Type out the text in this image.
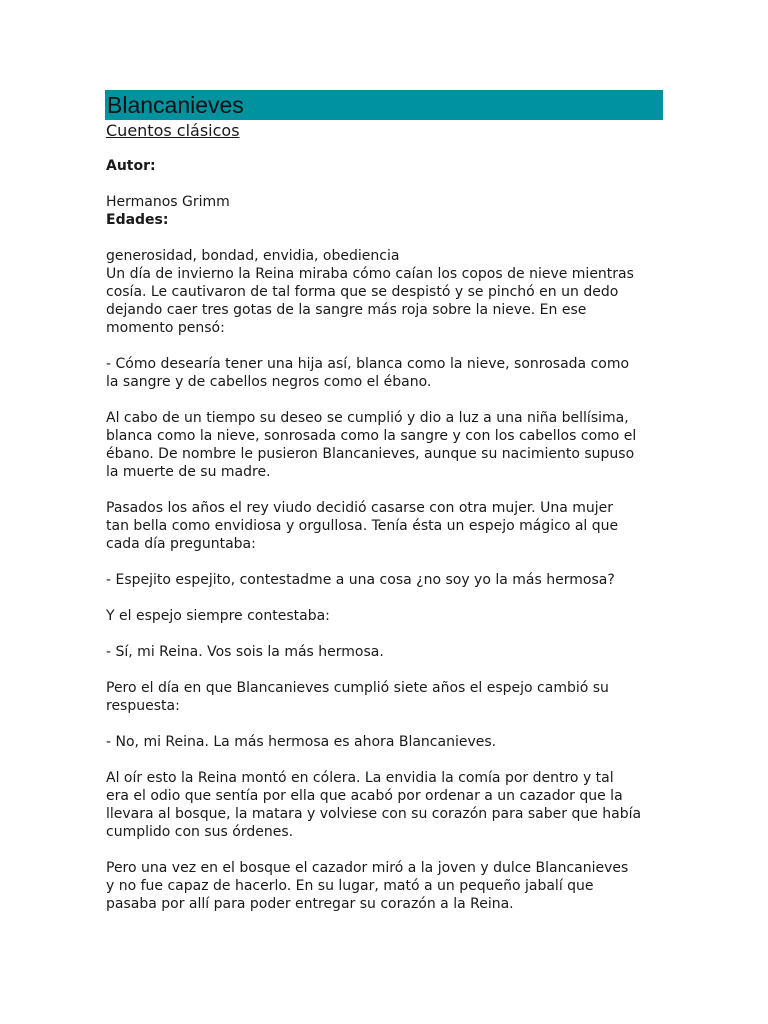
Blancanieves
Cuentos clásicos
Autor:
Hermanos Grimm
Edades:
generosidad, bondad, envidia, obediencia
Un día de invierno la Reina miraba cómo caían los copos de nieve mientras
cosía. Le cautivaron de tal forma que se despistó y se pinchó en un dedo
dejando caer tres gotas de la sangre más roja sobre la nieve. En ese
momento pensó:
- Cómo desearía tener una hija así, blanca como la nieve, sonrosada como
la sangre y de cabellos negros como el ébano.
Al cabo de un tiempo su deseo se cumplió y dio a luz a una niña bellísima,
blanca como la nieve, sonrosada como la sangre y con los cabellos como el
ébano. De nombre le pusieron Blancanieves, aunque su nacimiento supuso
la muerte de su madre.
Pasados los años el rey viudo decidió casarse con otra mujer. Una mujer
tan bella como envidiosa y orgullosa. Tenía ésta un espejo mágico al que
cada día preguntaba:
- Espejito espejito, contestadme a una cosa ¿no soy yo la más hermosa?
Y el espejo siempre contestaba:
- Sí, mi Reina. Vos sois la más hermosa.
Pero el día en que Blancanieves cumplió siete años el espejo cambió su
respuesta:
- No, mi Reina. La más hermosa es ahora Blancanieves.
Al oír esto la Reina montó en cólera. La envidia la comía por dentro y tal
era el odio que sentía por ella que acabó por ordenar a un cazador que la
llevara al bosque, la matara y volviese con su corazón para saber que había
cumplido con sus órdenes.
Pero una vez en el bosque el cazador miró a la joven y dulce Blancanieves
y no fue capaz de hacerlo. En su lugar, mató a un pequeño jabalí que
pasaba por allí para poder entregar su corazón a la Reina.
